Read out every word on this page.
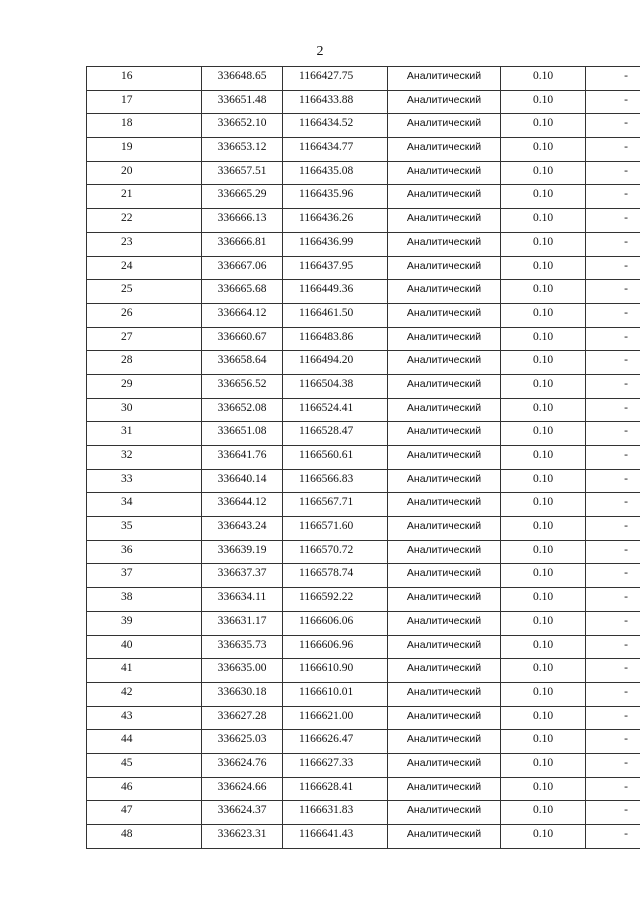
2
16	336648.65	1166427.75	Аналитический	0.10	-

17	336651.48	1166433.88	Аналитический	0.10	-

18	336652.10	1166434.52	Аналитический	0.10	-

19	336653.12	1166434.77	Аналитический	0.10	-

20	336657.51	1166435.08	Аналитический	0.10	-

21	336665.29	1166435.96	Аналитический	0.10	-

22	336666.13	1166436.26	Аналитический	0.10	-

23	336666.81	1166436.99	Аналитический	0.10	-

24	336667.06	1166437.95	Аналитический	0.10	-

25	336665.68	1166449.36	Аналитический	0.10	-

26	336664.12	1166461.50	Аналитический	0.10	-

27	336660.67	1166483.86	Аналитический	0.10	-

28	336658.64	1166494.20	Аналитический	0.10	-

29	336656.52	1166504.38	Аналитический	0.10	-

30	336652.08	1166524.41	Аналитический	0.10	-

31	336651.08	1166528.47	Аналитический	0.10	-

32	336641.76	1166560.61	Аналитический	0.10	-

33	336640.14	1166566.83	Аналитический	0.10	-

34	336644.12	1166567.71	Аналитический	0.10	-

35	336643.24	1166571.60	Аналитический	0.10	-

36	336639.19	1166570.72	Аналитический	0.10	-

37	336637.37	1166578.74	Аналитический	0.10	-

38	336634.11	1166592.22	Аналитический	0.10	-

39	336631.17	1166606.06	Аналитический	0.10	-

40	336635.73	1166606.96	Аналитический	0.10	-

41	336635.00	1166610.90	Аналитический	0.10	-

42	336630.18	1166610.01	Аналитический	0.10	-

43	336627.28	1166621.00	Аналитический	0.10	-

44	336625.03	1166626.47	Аналитический	0.10	-

45	336624.76	1166627.33	Аналитический	0.10	-

46	336624.66	1166628.41	Аналитический	0.10	-

47	336624.37	1166631.83	Аналитический	0.10	-

48	336623.31	1166641.43	Аналитический	0.10	-
